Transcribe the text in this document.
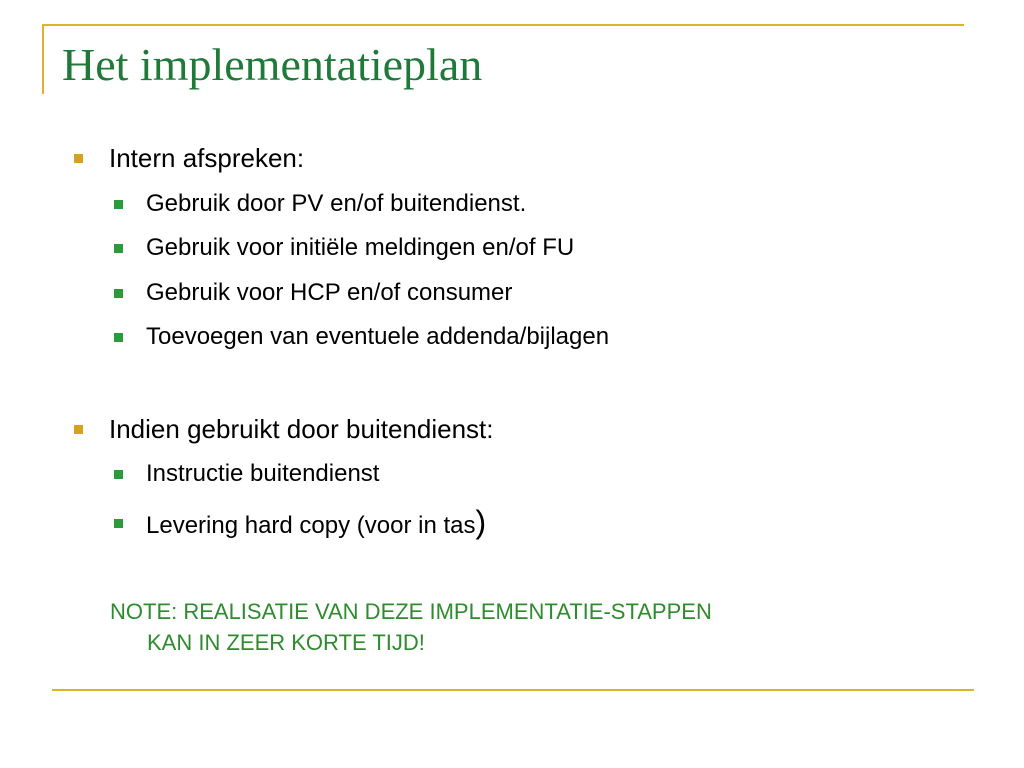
Het implementatieplan
Intern afspreken:
Gebruik door PV en/of buitendienst.
Gebruik voor initiële meldingen en/of FU
Gebruik voor HCP en/of consumer
Toevoegen van eventuele addenda/bijlagen
Indien gebruikt door buitendienst:
Instructie buitendienst
Levering hard copy (voor in tas)
NOTE: REALISATIE VAN DEZE IMPLEMENTATIE-STAPPEN
KAN IN ZEER KORTE TIJD!
